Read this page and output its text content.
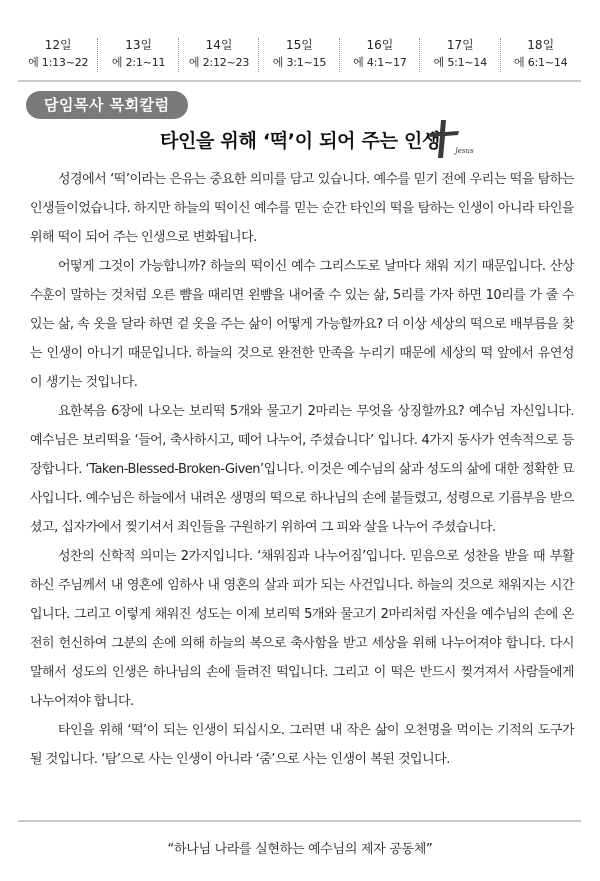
12일
에 1:13~22
13일
에 2:1~11
14일
에 2:12~23
15일
에 3:1~15
16일
에 4:1~17
17일
에 5:1~14
18일
에 6:1~14
담임목사 목회칼럼
타인을 위해 ‘떡’이 되어 주는 인생	Jesus

성경에서 ‘떡’이라는 은유는 중요한 의미를 담고 있습니다. 예수를 믿기 전에 우리는 떡을 탐하는 인생들이었습니다. 하지만 하늘의 떡이신 예수를 믿는 순간 타인의 떡을 탐하는 인생이 아니라 타인을 위해 떡이 되어 주는 인생으로 변화됩니다.

어떻게 그것이 가능합니까? 하늘의 떡이신 예수 그리스도로 날마다 채워 지기 때문입니다. 산상수훈이 말하는 것처럼 오른 뺨을 때리면 왼뺨을 내어줄 수 있는 삶, 5리를 가자 하면 10리를 가 줄 수 있는 삶, 속 옷을 달라 하면 겉 옷을 주는 삶이 어떻게 가능할까요? 더 이상 세상의 떡으로 배부름을 찾는 인생이 아니기 때문입니다. 하늘의 것으로 완전한 만족을 누리기 때문에 세상의 떡 앞에서 유연성이 생기는 것입니다.

요한복음 6장에 나오는 보리떡 5개와 물고기 2마리는 무엇을 상징할까요? 예수님 자신입니다. 예수님은 보리떡을 ‘들어, 축사하시고, 떼어 나누어, 주셨습니다’ 입니다. 4가지 동사가 연속적으로 등장합니다. ‘Taken-Blessed-Broken-Given’입니다. 이것은 예수님의 삶과 성도의 삶에 대한 정확한 묘사입니다. 예수님은 하늘에서 내려온 생명의 떡으로 하나님의 손에 붙들렸고, 성령으로 기름부음 받으셨고, 십자가에서 찢기셔서 죄인들을 구원하기 위하여 그 피와 살을 나누어 주셨습니다.

성찬의 신학적 의미는 2가지입니다. ‘채워짐과 나누어짐’입니다. 믿음으로 성찬을 받을 때 부활하신 주님께서 내 영혼에 임하사 내 영혼의 살과 피가 되는 사건입니다. 하늘의 것으로 채워지는 시간입니다. 그리고 이렇게 채워진 성도는 이제 보리떡 5개와 물고기 2마리처럼 자신을 예수님의 손에 온전히 헌신하여 그분의 손에 의해 하늘의 복으로 축사함을 받고 세상을 위해 나누어져야 합니다. 다시 말해서 성도의 인생은 하나님의 손에 들려진 떡입니다. 그리고 이 떡은 반드시 찢겨져서 사람들에게 나누어져야 합니다.

타인을 위해 ‘떡’이 되는 인생이 되십시오. 그러면 내 작은 삶이 오천명을 먹이는 기적의 도구가 될 것입니다. ‘탐’으로 사는 인생이 아니라 ‘줌’으로 사는 인생이 복된 것입니다.

“하나님 나라를 실현하는 예수님의 제자 공동체”
